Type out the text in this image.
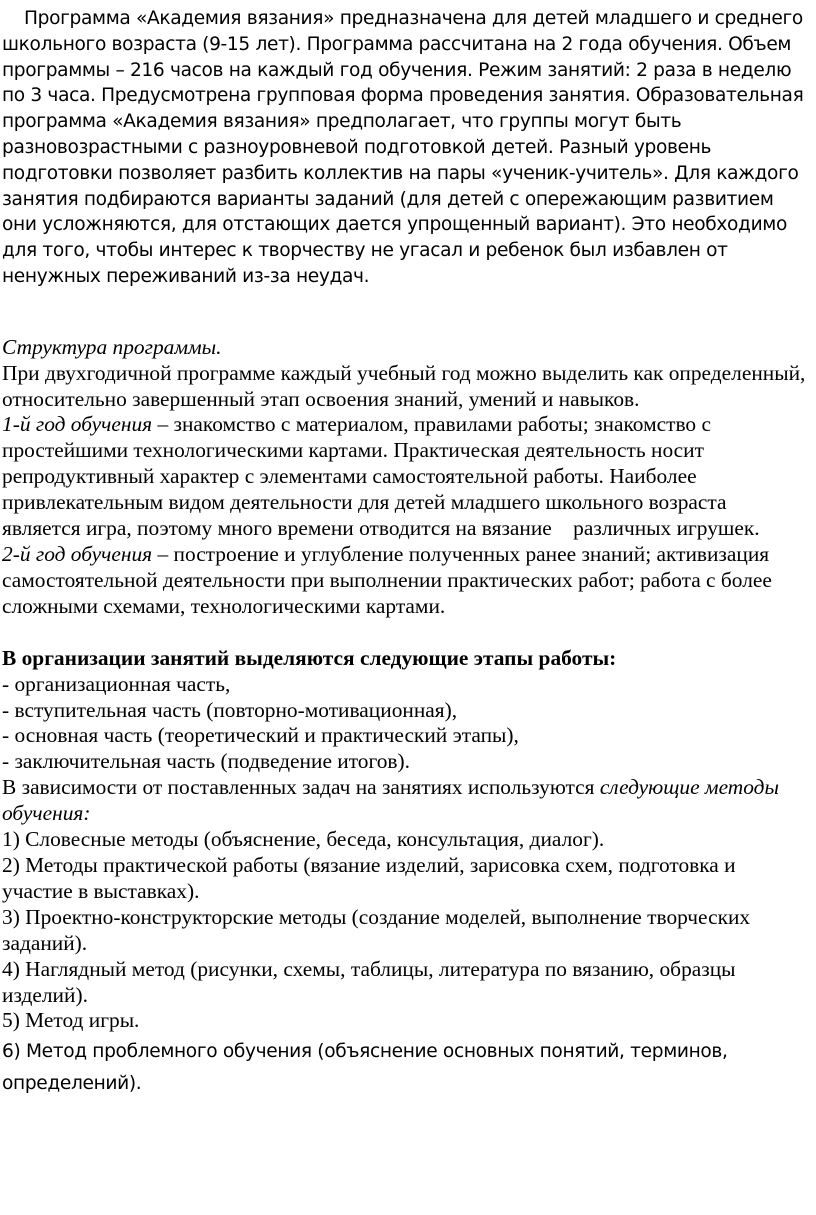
Программа «Академия вязания» предназначена для детей младшего и среднего школьного возраста (9-15 лет). Программа рассчитана на 2 года обучения. Объем программы – 216 часов на каждый год обучения. Режим занятий: 2 раза в неделю по 3 часа. Предусмотрена групповая форма проведения занятия. Образовательная программа «Академия вязания» предполагает, что группы могут быть разновозрастными с разноуровневой подготовкой детей. Разный уровень подготовки позволяет разбить коллектив на пары «ученик-учитель». Для каждого занятия подбираются варианты заданий (для детей с опережающим развитием они усложняются, для отстающих дается упрощенный вариант). Это необходимо для того, чтобы интерес к творчеству не угасал и ребенок был избавлен от ненужных переживаний из-за неудач.

Структура программы.

При двухгодичной программе каждый учебный год можно выделить как определенный, относительно завершенный этап освоения знаний, умений и навыков.

1-й год обучения – знакомство с материалом, правилами работы; знакомство с простейшими технологическими картами. Практическая деятельность носит репродуктивный характер с элементами самостоятельной работы. Наиболее привлекательным видом деятельности для детей младшего школьного возраста является игра, поэтому много времени отводится на вязание    различных игрушек.

2-й год обучения – построение и углубление полученных ранее знаний; активизация самостоятельной деятельности при выполнении практических работ; работа с более сложными схемами, технологическими картами.

В организации занятий выделяются следующие этапы работы:

- организационная часть,

- вступительная часть (повторно-мотивационная),

- основная часть (теоретический и практический этапы),

- заключительная часть (подведение итогов).

В зависимости от поставленных задач на занятиях используются следующие методы обучения:

1) Словесные методы (объяснение, беседа, консультация, диалог).

2) Методы практической работы (вязание изделий, зарисовка схем, подготовка и участие в выставках).

3) Проектно-конструкторские методы (создание моделей, выполнение творческих заданий).

4) Наглядный метод (рисунки, схемы, таблицы, литература по вязанию, образцы изделий).

5) Метод игры.

6) Метод проблемного обучения (объяснение основных понятий, терминов, определений).
